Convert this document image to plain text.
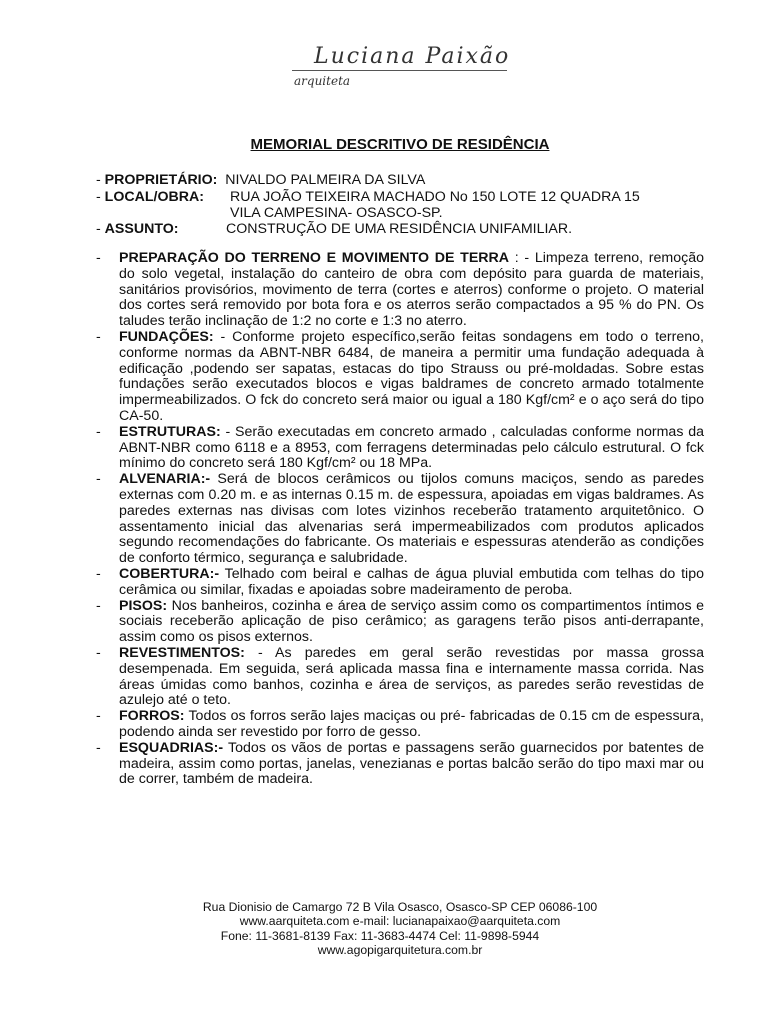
Luciana Paixão
arquiteta
MEMORIAL DESCRITIVO DE RESIDÊNCIA
- PROPRIETÁRIO: NIVALDO PALMEIRA DA SILVA
- LOCAL/OBRA: RUA JOÃO TEIXEIRA MACHADO No 150 LOTE 12 QUADRA 15
VILA CAMPESINA- OSASCO-SP.
- ASSUNTO:	CONSTRUÇÃO DE UMA RESIDÊNCIA UNIFAMILIAR.
- PREPARAÇÃO DO TERRENO E MOVIMENTO DE TERRA : - Limpeza terreno, remoção do solo vegetal, instalação do canteiro de obra com depósito para guarda de materiais, sanitários provisórios, movimento de terra (cortes e aterros) conforme o projeto. O material dos cortes será removido por bota fora e os aterros serão compactados a 95 % do PN. Os taludes terão inclinação de 1:2 no corte e 1:3 no aterro.
- FUNDAÇÕES: - Conforme projeto específico,serão feitas sondagens em todo o terreno, conforme normas da ABNT-NBR 6484, de maneira a permitir uma fundação adequada à edificação ,podendo ser sapatas, estacas do tipo Strauss ou pré-moldadas. Sobre estas fundações serão executados blocos e vigas baldrames de concreto armado totalmente impermeabilizados. O fck do concreto será maior ou igual a 180 Kgf/cm² e o aço será do tipo CA-50.
- ESTRUTURAS: - Serão executadas em concreto armado , calculadas conforme normas da ABNT-NBR como 6118 e a 8953, com ferragens determinadas pelo cálculo estrutural. O fck mínimo do concreto será 180 Kgf/cm² ou 18 MPa.
- ALVENARIA:- Será de blocos cerâmicos ou tijolos comuns maciços, sendo as paredes externas com 0.20 m. e as internas 0.15 m. de espessura, apoiadas em vigas baldrames. As paredes externas nas divisas com lotes vizinhos receberão tratamento arquitetônico. O assentamento inicial das alvenarias será impermeabilizados com produtos aplicados segundo recomendações do fabricante. Os materiais e espessuras atenderão as condições de conforto térmico, segurança e salubridade.
- COBERTURA:- Telhado com beiral e calhas de água pluvial embutida com telhas do tipo cerâmica ou similar, fixadas e apoiadas sobre madeiramento de peroba.
- PISOS: Nos banheiros, cozinha e área de serviço assim como os compartimentos íntimos e sociais receberão aplicação de piso cerâmico; as garagens terão pisos anti-derrapante, assim como os pisos externos.
- REVESTIMENTOS: - As paredes em geral serão revestidas por massa grossa desempenada. Em seguida, será aplicada massa fina e internamente massa corrida. Nas áreas úmidas como banhos, cozinha e área de serviços, as paredes serão revestidas de azulejo até o teto.
- FORROS: Todos os forros serão lajes maciças ou pré- fabricadas de 0.15 cm de espessura, podendo ainda ser revestido por forro de gesso.
- ESQUADRIAS:- Todos os vãos de portas e passagens serão guarnecidos por batentes de madeira, assim como portas, janelas, venezianas e portas balcão serão do tipo maxi mar ou de correr, também de madeira.
Rua Dionisio de Camargo 72 B Vila Osasco, Osasco-SP CEP 06086-100
www.aarquiteta.com e-mail: lucianapaixao@aarquiteta.com
Fone: 11-3681-8139 Fax: 11-3683-4474 Cel: 11-9898-5944
www.agopigarquitetura.com.br
